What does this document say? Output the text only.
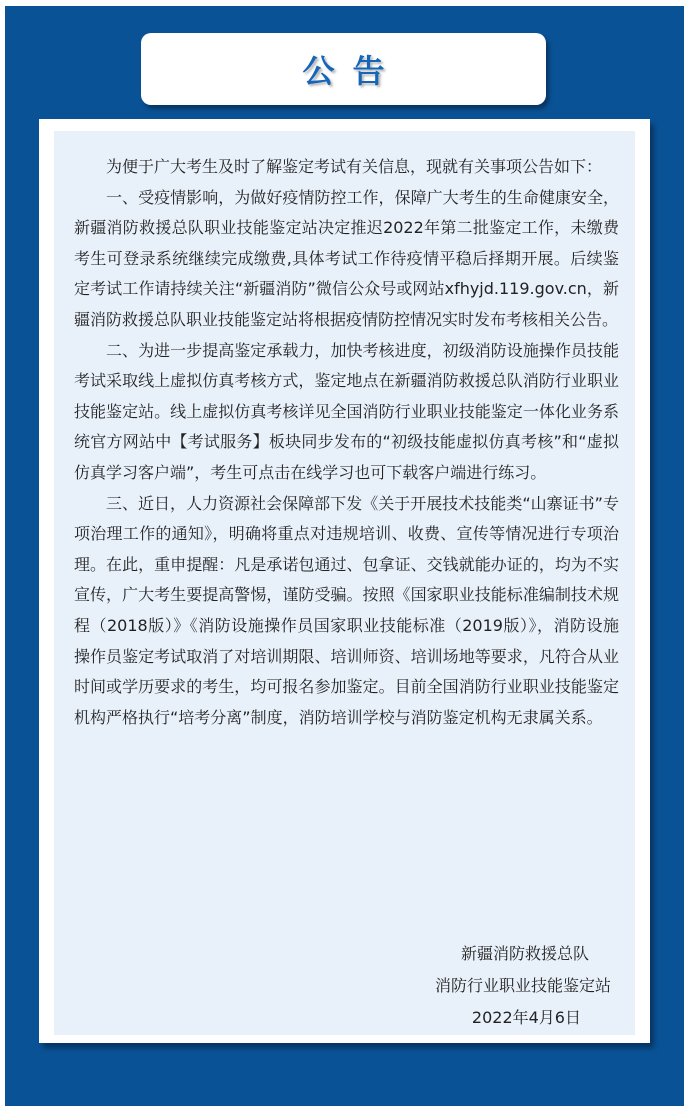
公告

为便于广大考生及时了解鉴定考试有关信息，现就有关事项公告如下：

一、受疫情影响，为做好疫情防控工作，保障广大考生的生命健康安全，新疆消防救援总队职业技能鉴定站决定推迟2022年第二批鉴定工作，未缴费考生可登录系统继续完成缴费,具体考试工作待疫情平稳后择期开展。后续鉴定考试工作请持续关注“新疆消防”微信公众号或网站xfhyjd.119.gov.cn，新疆消防救援总队职业技能鉴定站将根据疫情防控情况实时发布考核相关公告。

二、为进一步提高鉴定承载力，加快考核进度，初级消防设施操作员技能考试采取线上虚拟仿真考核方式，鉴定地点在新疆消防救援总队消防行业职业技能鉴定站。线上虚拟仿真考核详见全国消防行业职业技能鉴定一体化业务系统官方网站中【考试服务】板块同步发布的“初级技能虚拟仿真考核”和“虚拟仿真学习客户端”，考生可点击在线学习也可下载客户端进行练习。

三、近日，人力资源社会保障部下发《关于开展技术技能类“山寨证书”专项治理工作的通知》，明确将重点对违规培训、收费、宣传等情况进行专项治理。在此，重申提醒：凡是承诺包通过、包拿证、交钱就能办证的，均为不实宣传，广大考生要提高警惕，谨防受骗。按照《国家职业技能标准编制技术规程（2018版）》《消防设施操作员国家职业技能标准（2019版）》，消防设施操作员鉴定考试取消了对培训期限、培训师资、培训场地等要求，凡符合从业时间或学历要求的考生，均可报名参加鉴定。目前全国消防行业职业技能鉴定机构严格执行“培考分离”制度，消防培训学校与消防鉴定机构无隶属关系。

新疆消防救援总队
消防行业职业技能鉴定站
2022年4月6日
